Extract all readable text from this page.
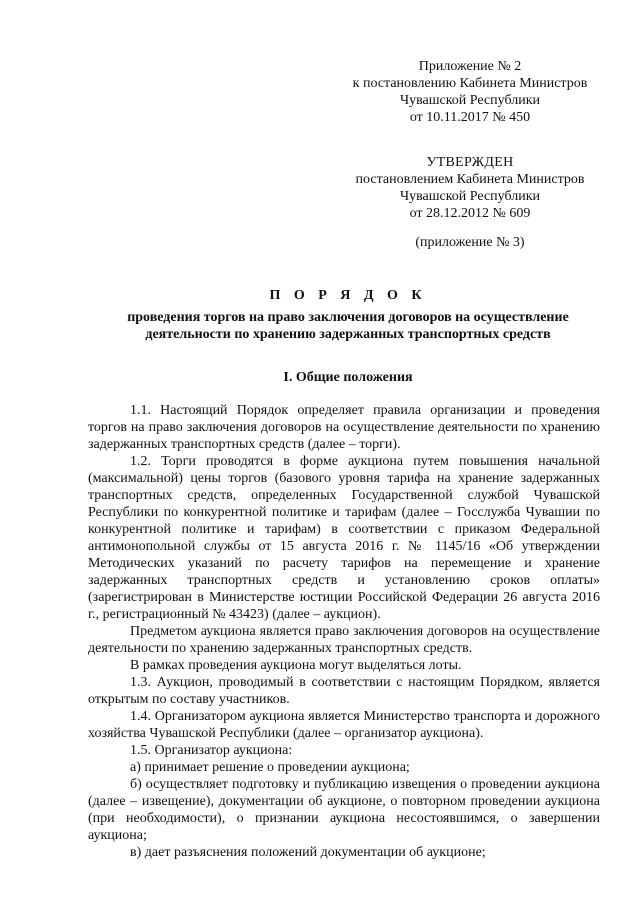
Приложение № 2
к постановлению Кабинета Министров
Чувашской Республики
от 10.11.2017 № 450
УТВЕРЖДЕН
постановлением Кабинета Министров
Чувашской Республики
от 28.12.2012 № 609
(приложение № 3)
П О Р Я Д О К
проведения торгов на право заключения договоров на осуществление
деятельности по хранению задержанных транспортных средств
I. Общие положения

1.1. Настоящий Порядок определяет правила организации и проведения торгов на право заключения договоров на осуществление деятельности по хранению задержанных транспортных средств (далее – торги).

1.2. Торги проводятся в форме аукциона путем повышения начальной (максимальной) цены торгов (базового уровня тарифа на хранение задержанных транспортных средств, определенных Государственной службой Чувашской Республики по конкурентной политике и тарифам (далее – Госслужба Чувашии по конкурентной политике и тарифам) в соответствии с приказом Федеральной антимонопольной службы от 15 августа 2016 г. № 1145/16 «Об утверждении Методических указаний по расчету тарифов на перемещение и хранение задержанных транспортных средств и установлению сроков оплаты» (зарегистрирован в Министерстве юстиции Российской Федерации 26 августа 2016 г., регистрационный № 43423) (далее – аукцион).

Предметом аукциона является право заключения договоров на осуществление деятельности по хранению задержанных транспортных средств.

В рамках проведения аукциона могут выделяться лоты.

1.3. Аукцион, проводимый в соответствии с настоящим Порядком, является открытым по составу участников.

1.4. Организатором аукциона является Министерство транспорта и дорожного хозяйства Чувашской Республики (далее – организатор аукциона).

1.5. Организатор аукциона:

а) принимает решение о проведении аукциона;

б) осуществляет подготовку и публикацию извещения о проведении аукциона (далее – извещение), документации об аукционе, о повторном проведении аукциона (при необходимости), о признании аукциона несостоявшимся, о завершении аукциона;

в) дает разъяснения положений документации об аукционе;
